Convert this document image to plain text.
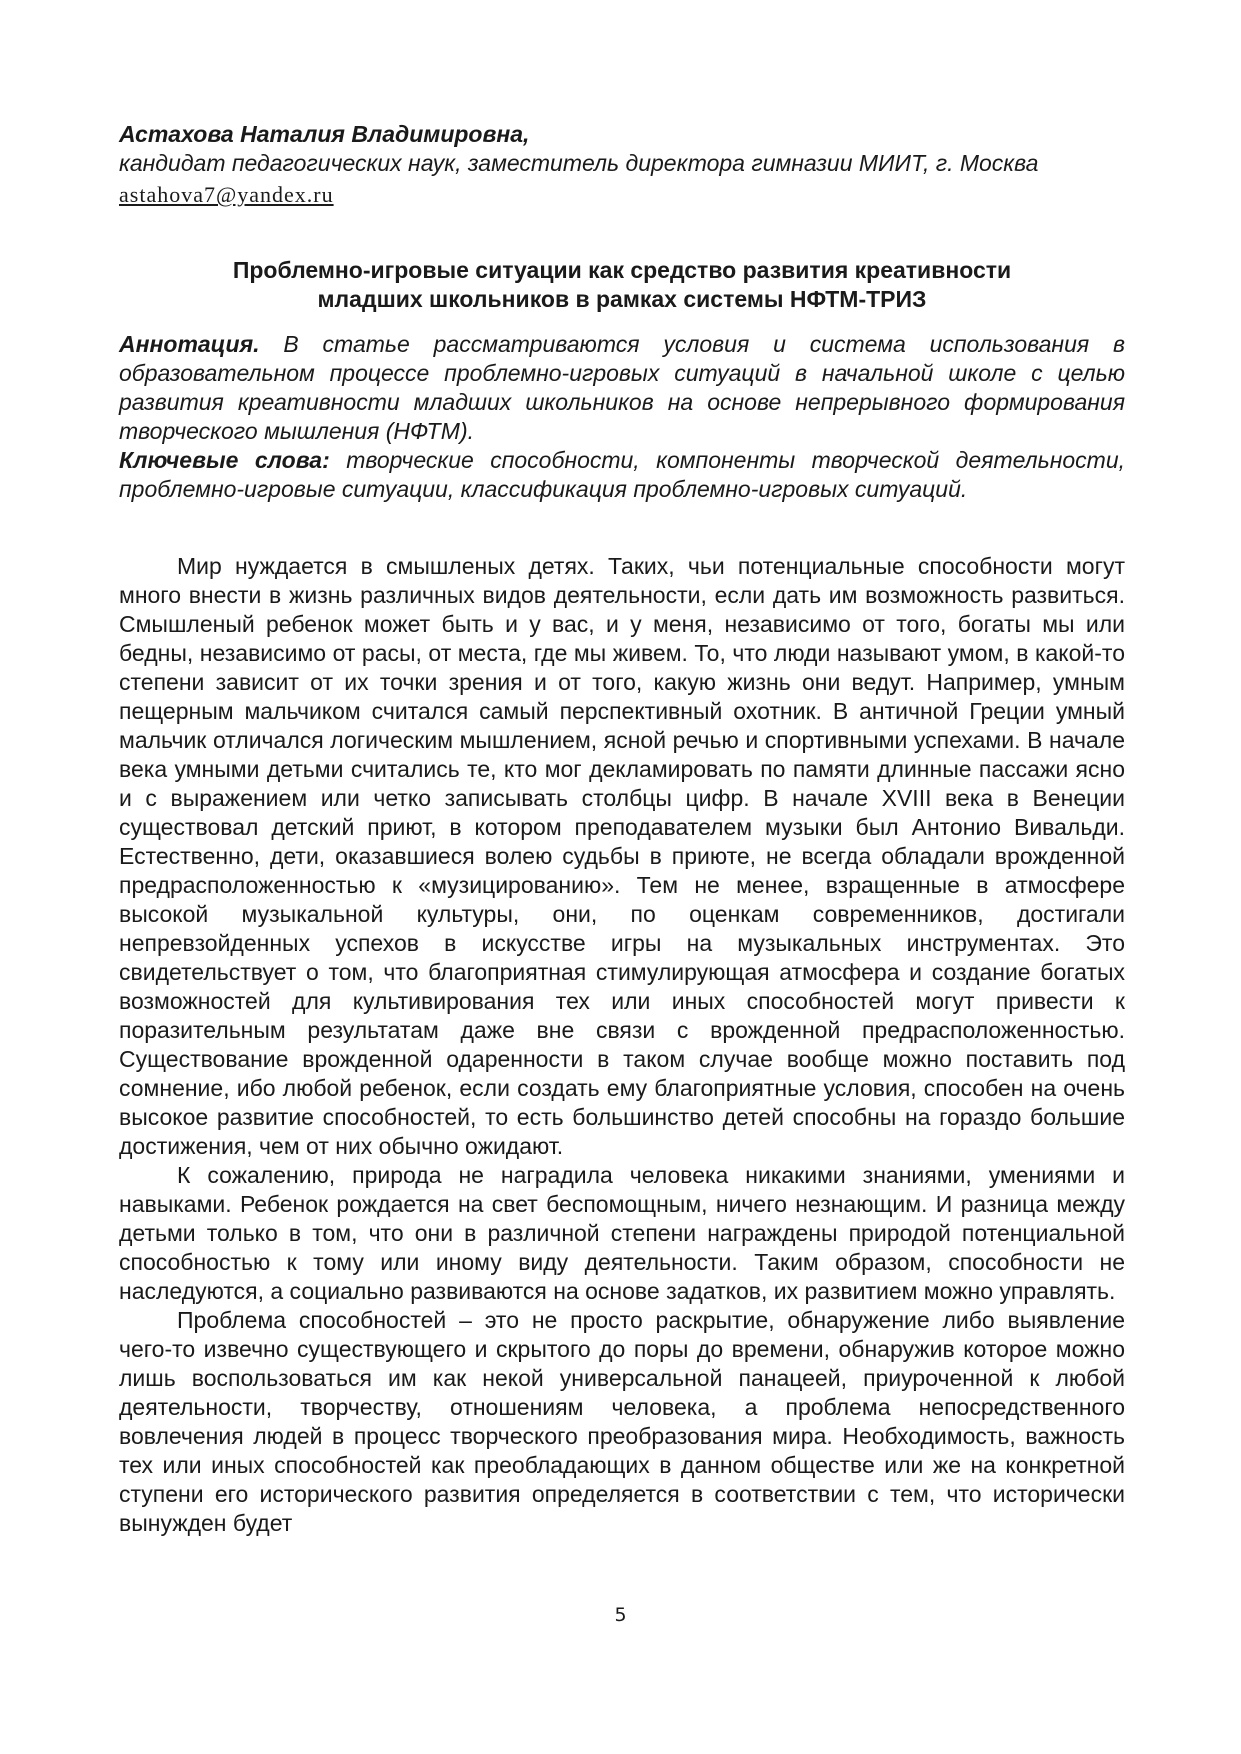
Астахова Наталия Владимировна,
кандидат педагогических наук, заместитель директора гимназии МИИТ, г. Москва
astahova7@yandex.ru
Проблемно-игровые ситуации как средство развития креативности
младших школьников в рамках системы НФТМ-ТРИЗ

Аннотация. В статье рассматриваются условия и система использования в образовательном процессе проблемно-игровых ситуаций в начальной школе с целью развития креативности младших школьников на основе непрерывного формирования творческого мышления (НФТМ).

Ключевые слова: творческие способности, компоненты творческой деятельности, проблемно-игровые ситуации, классификация проблемно-игровых ситуаций.

Мир нуждается в смышленых детях. Таких, чьи потенциальные способности могут много внести в жизнь различных видов деятельности, если дать им возможность развиться. Смышленый ребенок может быть и у вас, и у меня, независимо от того, богаты мы или бедны, независимо от расы, от места, где мы живем. То, что люди называют умом, в какой-то степени зависит от их точки зрения и от того, какую жизнь они ведут. Например, умным пещерным мальчиком считался самый перспективный охотник. В античной Греции умный мальчик отличался логическим мышлением, ясной речью и спортивными успехами. В начале века умными детьми считались те, кто мог декламировать по памяти длинные пассажи ясно и с выражением или четко записывать столбцы цифр. В начале XVIII века в Венеции существовал детский приют, в котором преподавателем музыки был Антонио Вивальди. Естественно, дети, оказавшиеся волею судьбы в приюте, не всегда обладали врожденной предрасположенностью к «музицированию». Тем не менее, взращенные в атмосфере высокой музыкальной культуры, они, по оценкам современников, достигали непревзойденных успехов в искусстве игры на музыкальных инструментах. Это свидетельствует о том, что благоприятная стимулирующая атмосфера и создание богатых возможностей для культивирования тех или иных способностей могут привести к поразительным результатам даже вне связи с врожденной предрасположенностью. Существование врожденной одаренности в таком случае вообще можно поставить под сомнение, ибо любой ребенок, если создать ему благоприятные условия, способен на очень высокое развитие способностей, то есть большинство детей способны на гораздо большие достижения, чем от них обычно ожидают.

К сожалению, природа не наградила человека никакими знаниями, умениями и навыками. Ребенок рождается на свет беспомощным, ничего незнающим. И разница между детьми только в том, что они в различной степени награждены природой потенциальной способностью к тому или иному виду деятельности. Таким образом, способности не наследуются, а социально развиваются на основе задатков, их развитием можно управлять.

Проблема способностей – это не просто раскрытие, обнаружение либо выявление чего-то извечно существующего и скрытого до поры до времени, обнаружив которое можно лишь воспользоваться им как некой универсальной панацеей, приуроченной к любой деятельности, творчеству, отношениям человека, а проблема непосредственного вовлечения людей в процесс творческого преобразования мира. Необходимость, важность тех или иных способностей как преобладающих в данном обществе или же на конкретной ступени его исторического развития определяется в соответствии с тем, что исторически вынужден будет

5
